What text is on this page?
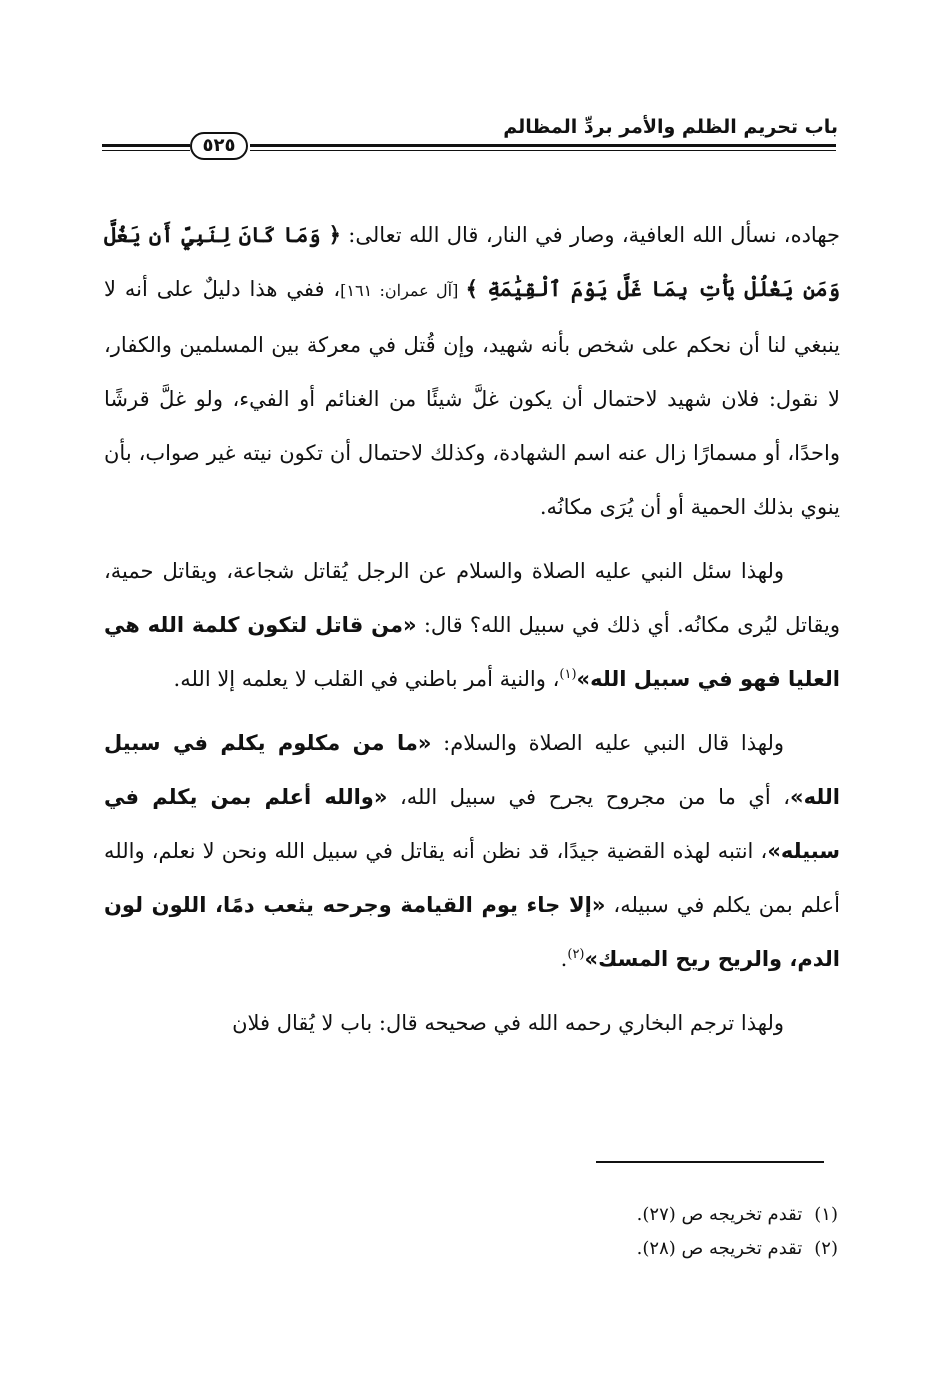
باب تحريم الظلم والأمر بردِّ المظالم
٥٢٥

جهاده، نسأل الله العافية، وصار في النار، قال الله تعالى: ﴿ وَمَا كَانَ لِنَبِيٍّ أَن يَغُلَّ وَمَن يَغْلُلْ يَأْتِ بِمَا غَلَّ يَوْمَ ٱلْقِيَٰمَةِ ﴾ [آل عمران: ١٦١]، ففي هذا دليلٌ على أنه لا ينبغي لنا أن نحكم على شخص بأنه شهيد، وإن قُتل في معركة بين المسلمين والكفار، لا نقول: فلان شهيد لاحتمال أن يكون غلَّ شيئًا من الغنائم أو الفيء، ولو غلَّ قرشًا واحدًا، أو مسمارًا زال عنه اسم الشهادة، وكذلك لاحتمال أن تكون نيته غير صواب، بأن ينوي بذلك الحمية أو أن يُرَى مكانُه.

ولهذا سئل النبي عليه الصلاة والسلام عن الرجل يُقاتل شجاعة، ويقاتل حمية، ويقاتل ليُرى مكانُه. أي ذلك في سبيل الله؟ قال: «من قاتل لتكون كلمة الله هي العليا فهو في سبيل الله»$^{(١)}$، والنية أمر باطني في القلب لا يعلمه إلا الله.

ولهذا قال النبي عليه الصلاة والسلام: «ما من مكلوم يكلم في سبيل الله»، أي ما من مجروح يجرح في سبيل الله، «والله أعلم بمن يكلم في سبيله»، انتبه لهذه القضية جيدًا، قد نظن أنه يقاتل في سبيل الله ونحن لا نعلم، والله أعلم بمن يكلم في سبيله، «إلا جاء يوم القيامة وجرحه يثعب دمًا، اللون لون الدم، والريح ريح المسك»$^{(٢)}$.

ولهذا ترجم البخاري رحمه الله في صحيحه قال: باب لا يُقال فلان

(١)
تقدم تخريجه ص (٢٧).
(٢)
تقدم تخريجه ص (٢٨).
